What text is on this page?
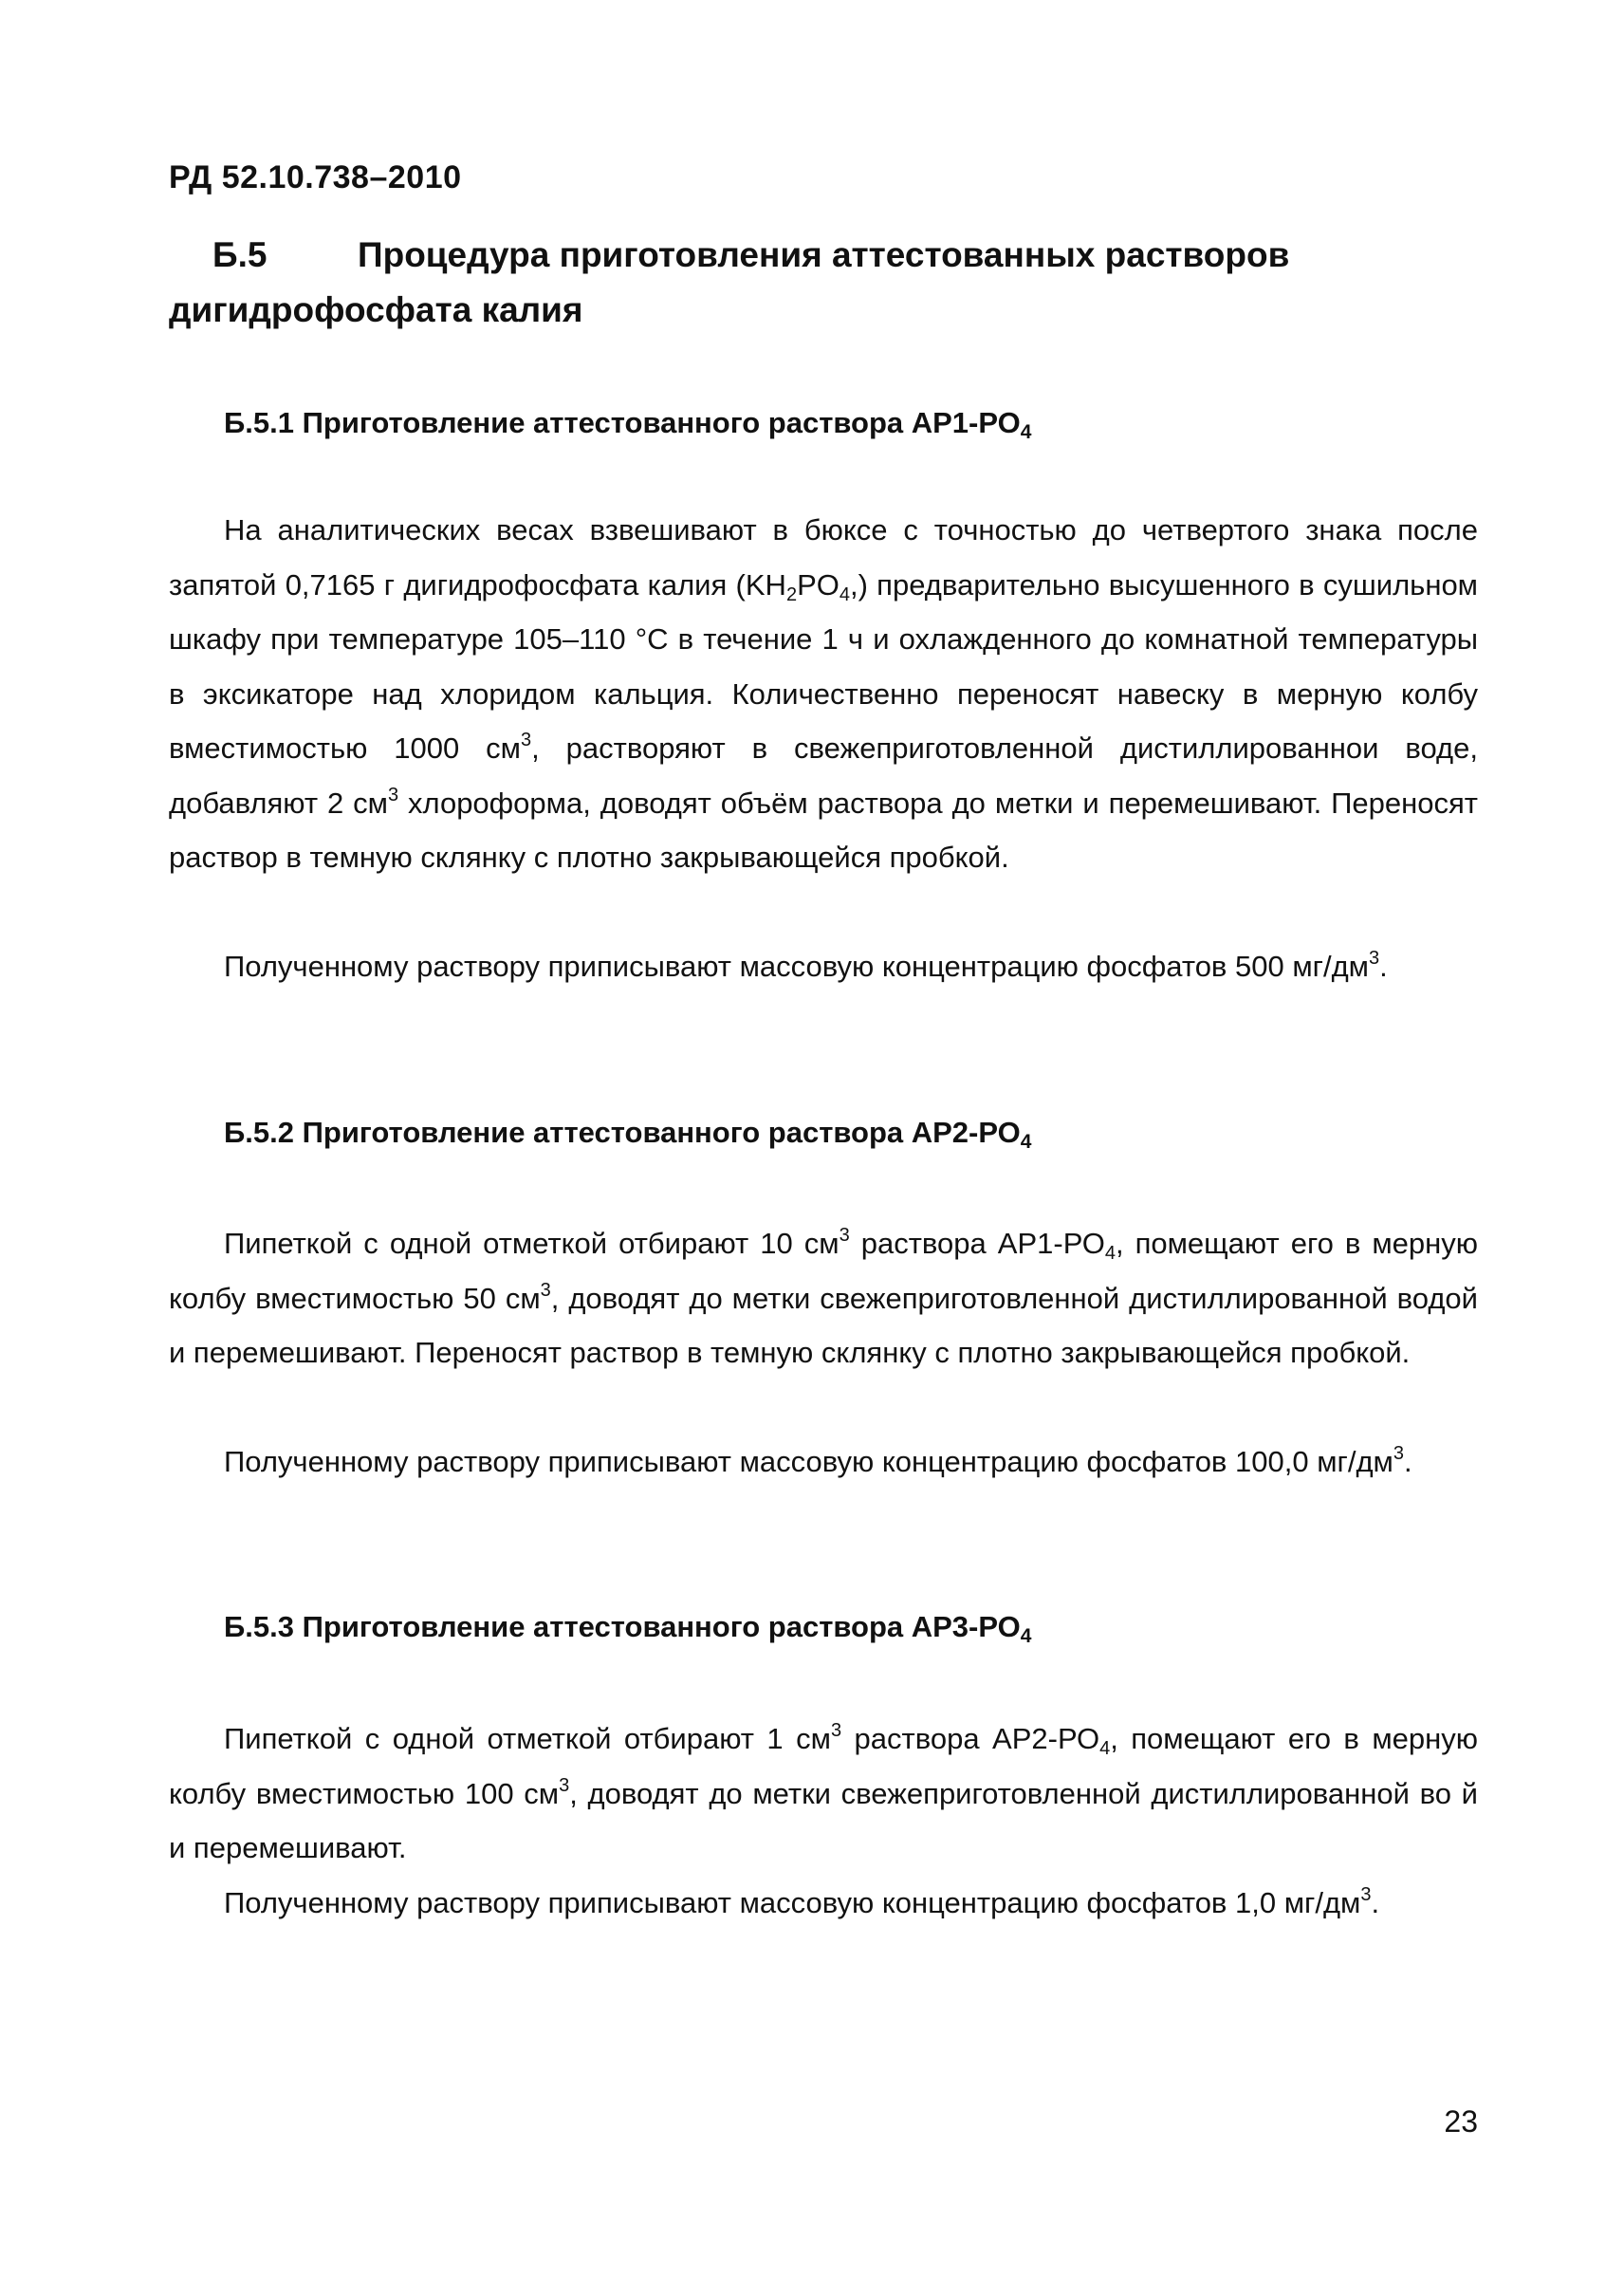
РД 52.10.738–2010
Б.5	Процедура приготовления аттестованных растворов дигидрофосфата калия
Б.5.1 Приготовление аттестованного раствора $АР1-РО_4$

На аналитических весах взвешивают в бюксе с точностью до четвертого знака после запятой 0,7165 г дигидрофосфата калия $(KH_2PO_4,)$ предварительно высушенного в сушильном шкафу при температуре 105–110 °С в течение 1 ч и охлажденного до комнатной температуры в эксикаторе над хлоридом кальция. Количественно переносят навеску в мерную колбу вместимостью 1000 $см^3$, растворяют в свежеприготовленной дистиллированнои воде, добавляют 2 $см^3$ хлороформа, доводят объём раствора до метки и перемешивают. Переносят раствор в темную склянку с плотно закрывающейся пробкой.

Полученному раствору приписывают массовую концентрацию фосфатов 500 $мг/дм^3$.

Б.5.2 Приготовление аттестованного раствора $АР2-РО_4$

Пипеткой с одной отметкой отбирают 10 $см^3$ раствора $АР1-РО_4$, помещают его в мерную колбу вместимостью 50 $см^3$, доводят до метки свежеприготовленной дистиллированной водой и перемешивают. Переносят раствор в темную склянку с плотно закрывающейся пробкой.

Полученному раствору приписывают массовую концентрацию фосфатов 100,0 $мг/дм^3$.

Б.5.3 Приготовление аттестованного раствора $АР3-РО_4$

Пипеткой с одной отметкой отбирают 1 $см^3$ раствора $АР2-РО_4$, помещают его в мерную колбу вместимостью 100 $см^3$, доводят до метки свежеприготовленной дистиллированной во й и перемешивают.

Полученному раствору приписывают массовую концентрацию фосфатов 1,0 $мг/дм^3$.

23
